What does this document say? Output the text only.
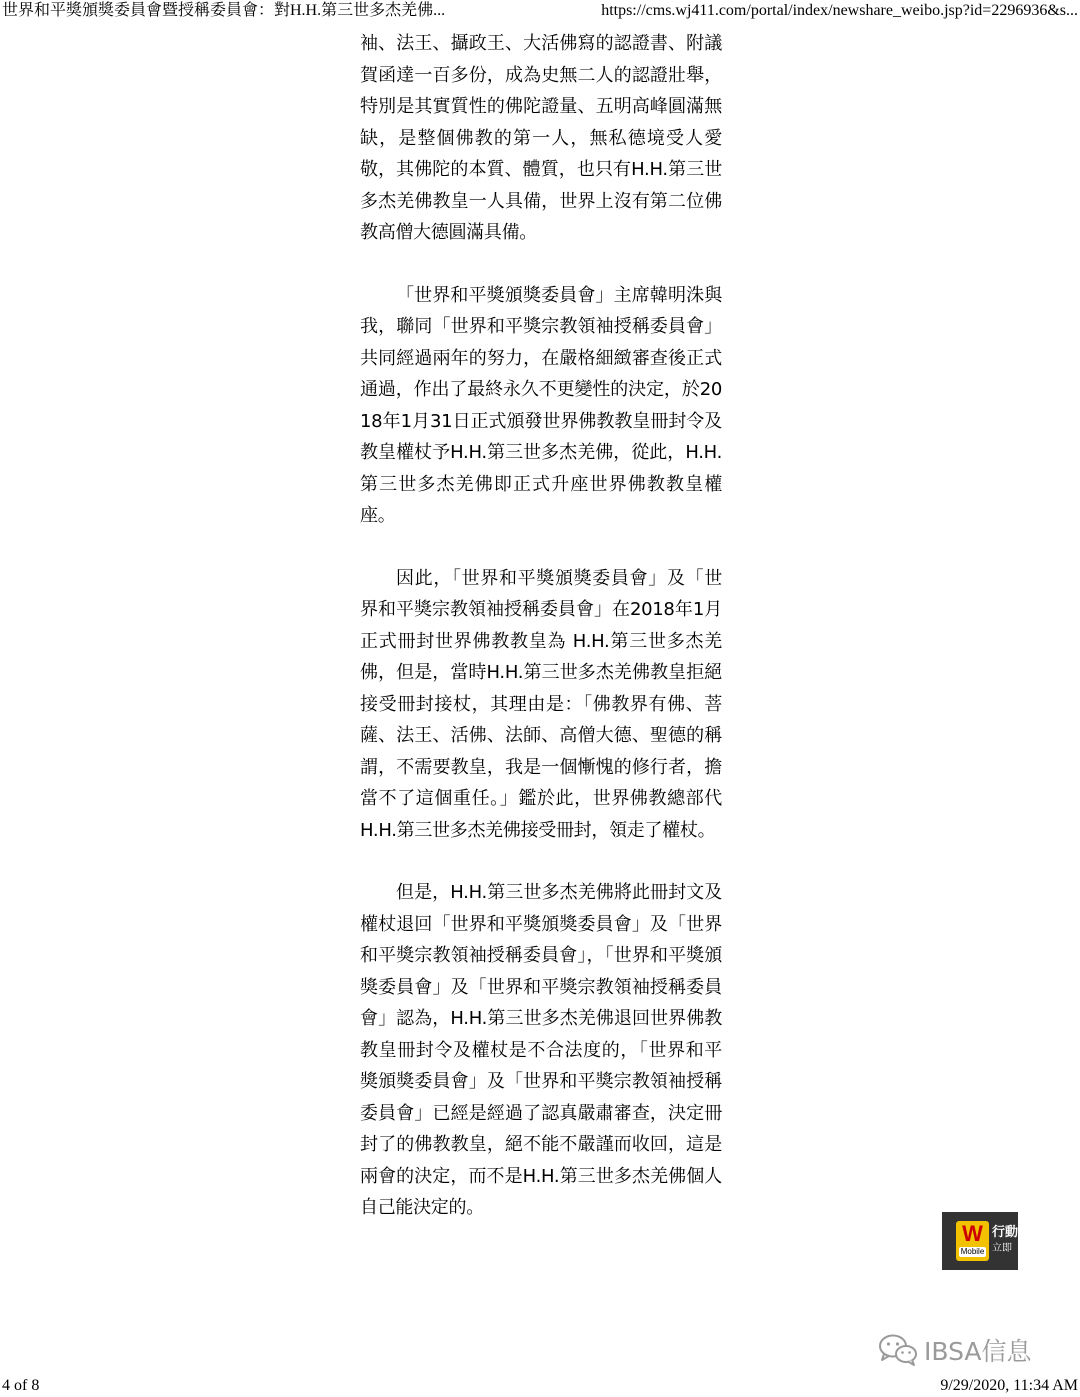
世界和平獎頒獎委員會暨授稱委員會：對H.H.第三世多杰羌佛...	https://cms.wj411.com/portal/index/newshare_weibo.jsp?id=2296936&s...

袖、法王、攝政王、大活佛寫的認證書、附議賀函達一百多份，成為史無二人的認證壯舉，特別是其實質性的佛陀證量、五明高峰圓滿無缺，是整個佛教的第一人，無私德境受人愛敬，其佛陀的本質、體質，也只有H.H.第三世多杰羌佛教皇一人具備，世界上沒有第二位佛教高僧大德圓滿具備。

「世界和平獎頒獎委員會」主席韓明洙與我，聯同「世界和平獎宗教領袖授稱委員會」共同經過兩年的努力，在嚴格細緻審查後正式通過，作出了最終永久不更變性的決定，於2018年1月31日正式頒發世界佛教教皇冊封令及教皇權杖予H.H.第三世多杰羌佛，從此，H.H.第三世多杰羌佛即正式升座世界佛教教皇權座。

因此，「世界和平獎頒獎委員會」及「世界和平獎宗教領袖授稱委員會」在2018年1月正式冊封世界佛教教皇為 H.H.第三世多杰羌佛，但是，當時H.H.第三世多杰羌佛教皇拒絕接受冊封接杖，其理由是：「佛教界有佛、菩薩、法王、活佛、法師、高僧大德、聖德的稱謂，不需要教皇，我是一個慚愧的修行者，擔當不了這個重任。」鑑於此，世界佛教總部代H.H.第三世多杰羌佛接受冊封，領走了權杖。

但是，H.H.第三世多杰羌佛將此冊封文及權杖退回「世界和平獎頒獎委員會」及「世界和平獎宗教領袖授稱委員會」，「世界和平獎頒獎委員會」及「世界和平獎宗教領袖授稱委員會」認為，H.H.第三世多杰羌佛退回世界佛教教皇冊封令及權杖是不合法度的，「世界和平獎頒獎委員會」及「世界和平獎宗教領袖授稱委員會」已經是經過了認真嚴肅審查，決定冊封了的佛教教皇，絕不能不嚴謹而收回，這是兩會的決定，而不是H.H.第三世多杰羌佛個人自己能決定的。

W
Mobile
行動
立即
IBSA信息
4 of 8	9/29/2020, 11:34 AM
